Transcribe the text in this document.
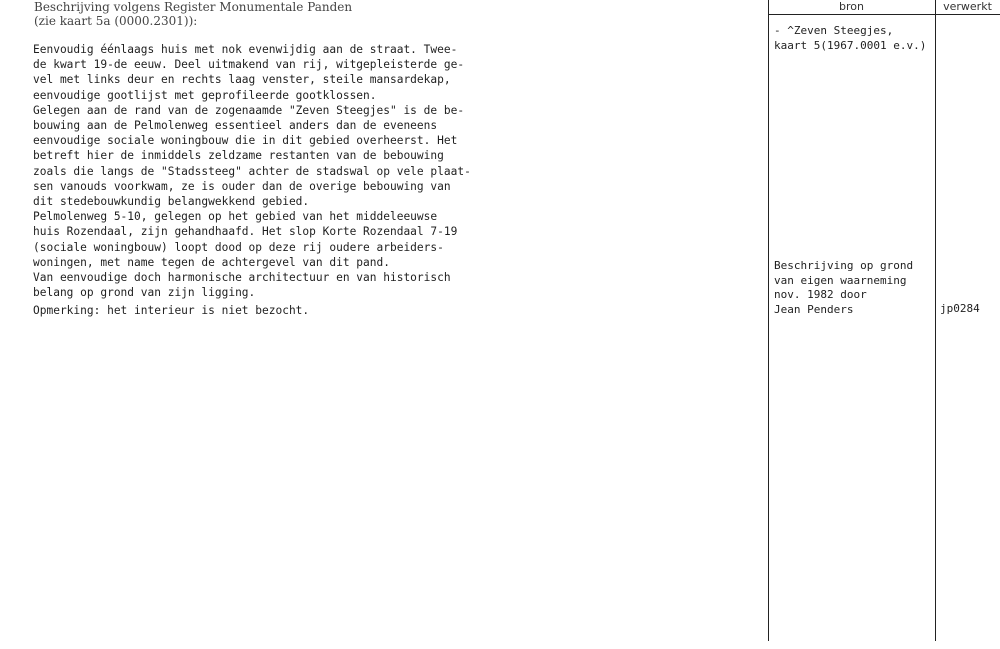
bron	verwerkt
Beschrijving volgens Register Monumentale Panden
(zie kaart 5a (0000.2301)):
Eenvoudig éénlaags huis met nok evenwijdig aan de straat. Twee-
de kwart 19-de eeuw. Deel uitmakend van rij, witgepleisterde ge-
vel met links deur en rechts laag venster, steile mansardekap,
eenvoudige gootlijst met geprofileerde gootklossen.
Gelegen aan de rand van de zogenaamde "Zeven Steegjes" is de be-
bouwing aan de Pelmolenweg essentieel anders dan de eveneens
eenvoudige sociale woningbouw die in dit gebied overheerst. Het
betreft hier de inmiddels zeldzame restanten van de bebouwing
zoals die langs de "Stadssteeg" achter de stadswal op vele plaat-
sen vanouds voorkwam, ze is ouder dan de overige bebouwing van
dit stedebouwkundig belangwekkend gebied.
Pelmolenweg 5-10, gelegen op het gebied van het middeleeuwse
huis Rozendaal, zijn gehandhaafd. Het slop Korte Rozendaal 7-19
(sociale woningbouw) loopt dood op deze rij oudere arbeiders-
woningen, met name tegen de achtergevel van dit pand.
Van eenvoudige doch harmonische architectuur en van historisch
belang op grond van zijn ligging.
Opmerking: het interieur is niet bezocht.
- ^Zeven Steegjes,
kaart 5(1967.0001 e.v.)
Beschrijving op grond
van eigen waarneming
nov. 1982 door
Jean Penders	jp0284
